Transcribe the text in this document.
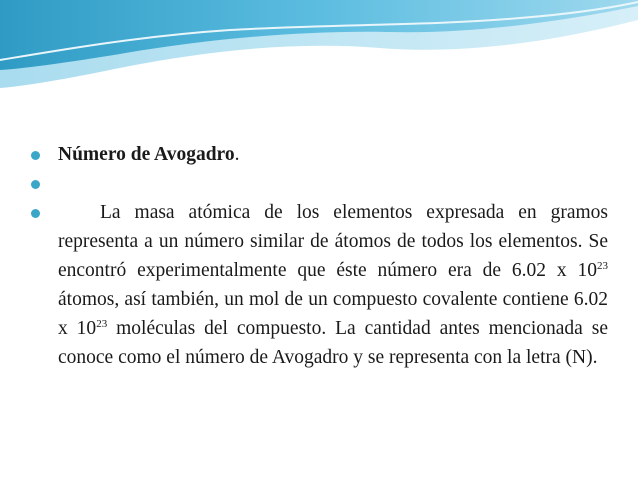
Número de Avogadro.
La masa atómica de los elementos expresada en gramos representa a un número similar de átomos de todos los elementos. Se encontró experimentalmente que éste número era de 6.02 x $10^{23}$ átomos, así también, un mol de un compuesto covalente contiene 6.02 x $10^{23}$ moléculas del compuesto. La cantidad antes mencionada se conoce como el número de Avogadro y se representa con la letra (N).
